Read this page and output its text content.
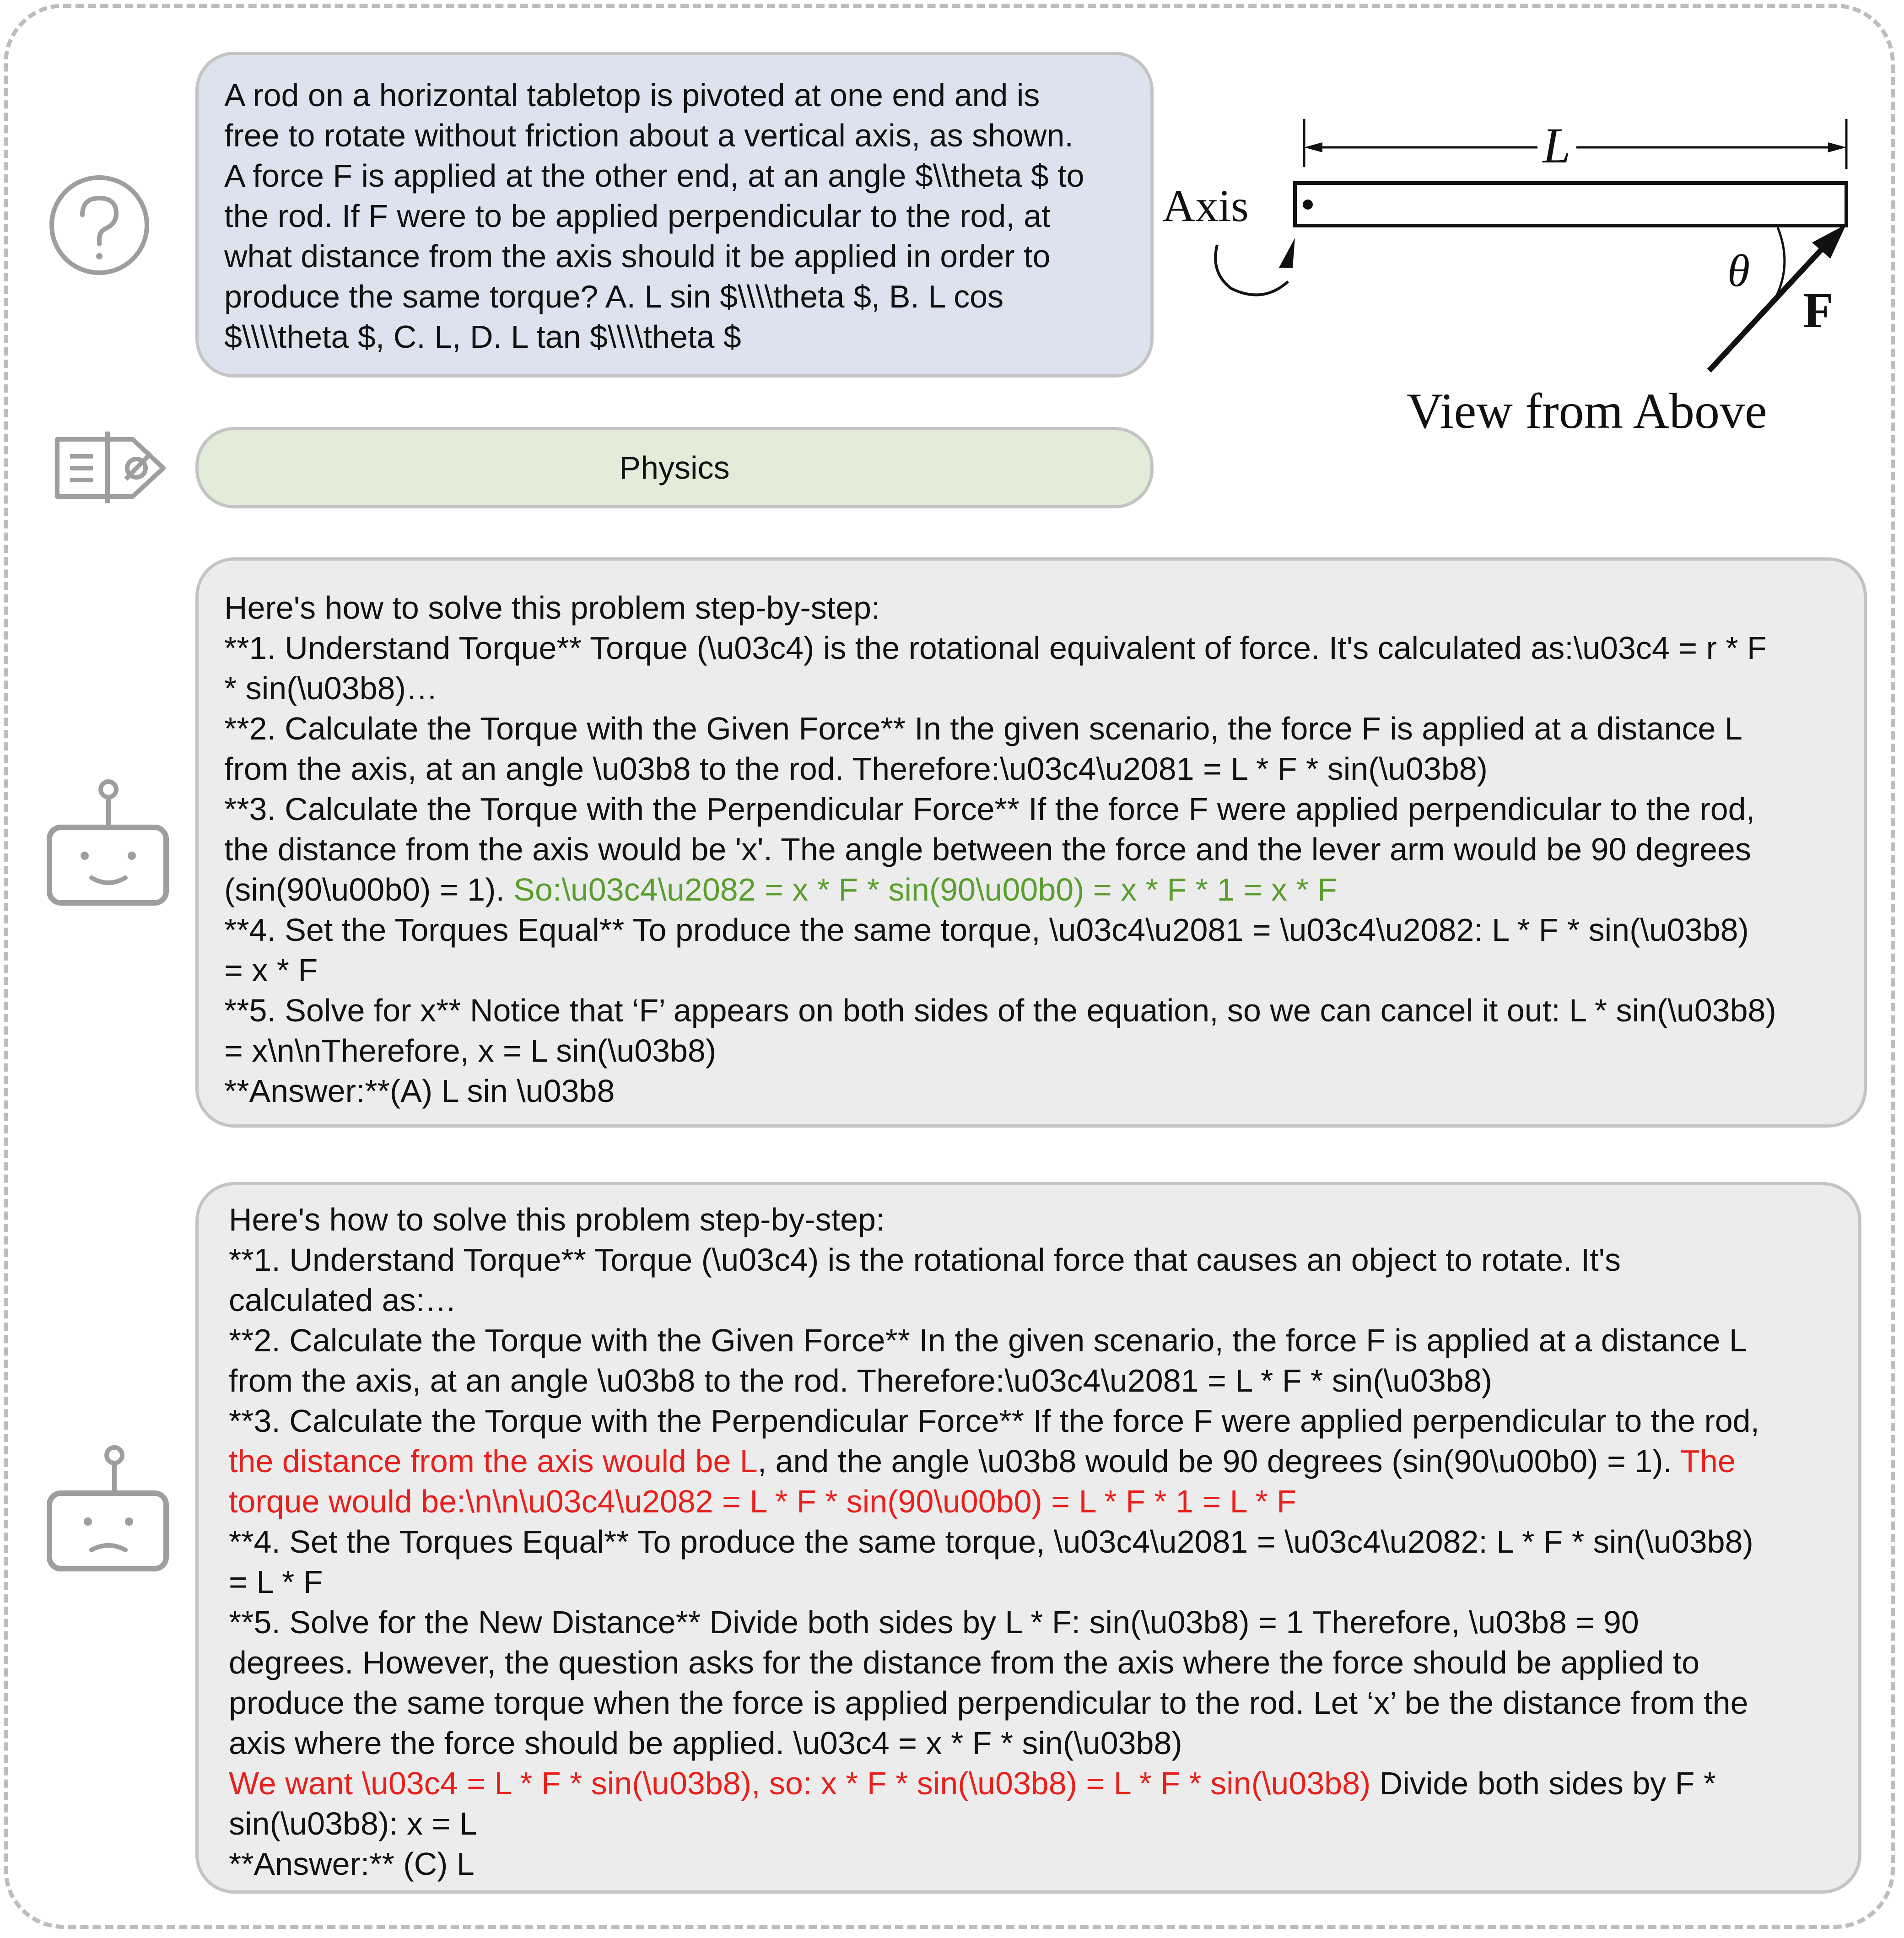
A rod on a horizontal tabletop is pivoted at one end and is
free to rotate without friction about a vertical axis, as shown.
A force F is applied at the other end, at an angle $\\theta $ to
the rod. If F were to be applied perpendicular to the rod, at
what distance from the axis should it be applied in order to
produce the same torque? A. L sin $\\\\theta $, B. L cos
$\\\\theta $, C. L, D. L tan $\\\\theta $
L
Axis
θ
F
View from Above
Physics
Here's how to solve this problem step-by-step:
**1. Understand Torque** Torque (\u03c4) is the rotational equivalent of force. It's calculated as:\u03c4 = r * F
* sin(\u03b8)…
**2. Calculate the Torque with the Given Force** In the given scenario, the force F is applied at a distance L
from the axis, at an angle \u03b8 to the rod. Therefore:\u03c4\u2081 = L * F * sin(\u03b8)
**3. Calculate the Torque with the Perpendicular Force** If the force F were applied perpendicular to the rod,
the distance from the axis would be 'x'. The angle between the force and the lever arm would be 90 degrees
(sin(90\u00b0) = 1). So:\u03c4\u2082 = x * F * sin(90\u00b0) = x * F * 1 = x * F
**4. Set the Torques Equal** To produce the same torque, \u03c4\u2081 = \u03c4\u2082: L * F * sin(\u03b8)
= x * F
**5. Solve for x** Notice that ‘F’ appears on both sides of the equation, so we can cancel it out: L * sin(\u03b8)
= x\n\nTherefore, x = L sin(\u03b8)
**Answer:**(A) L sin \u03b8
Here's how to solve this problem step-by-step:
**1. Understand Torque** Torque (\u03c4) is the rotational force that causes an object to rotate. It's
calculated as:…
**2. Calculate the Torque with the Given Force** In the given scenario, the force F is applied at a distance L
from the axis, at an angle \u03b8 to the rod. Therefore:\u03c4\u2081 = L * F * sin(\u03b8)
**3. Calculate the Torque with the Perpendicular Force** If the force F were applied perpendicular to the rod,
the distance from the axis would be L, and the angle \u03b8 would be 90 degrees (sin(90\u00b0) = 1). The
torque would be:\n\n\u03c4\u2082 = L * F * sin(90\u00b0) = L * F * 1 = L * F
**4. Set the Torques Equal** To produce the same torque, \u03c4\u2081 = \u03c4\u2082: L * F * sin(\u03b8)
= L * F
**5. Solve for the New Distance** Divide both sides by L * F: sin(\u03b8) = 1 Therefore, \u03b8 = 90
degrees. However, the question asks for the distance from the axis where the force should be applied to
produce the same torque when the force is applied perpendicular to the rod. Let ‘x’ be the distance from the
axis where the force should be applied. \u03c4 = x * F * sin(\u03b8)
We want \u03c4 = L * F * sin(\u03b8), so: x * F * sin(\u03b8) = L * F * sin(\u03b8) Divide both sides by F *
sin(\u03b8): x = L
**Answer:** (C) L
